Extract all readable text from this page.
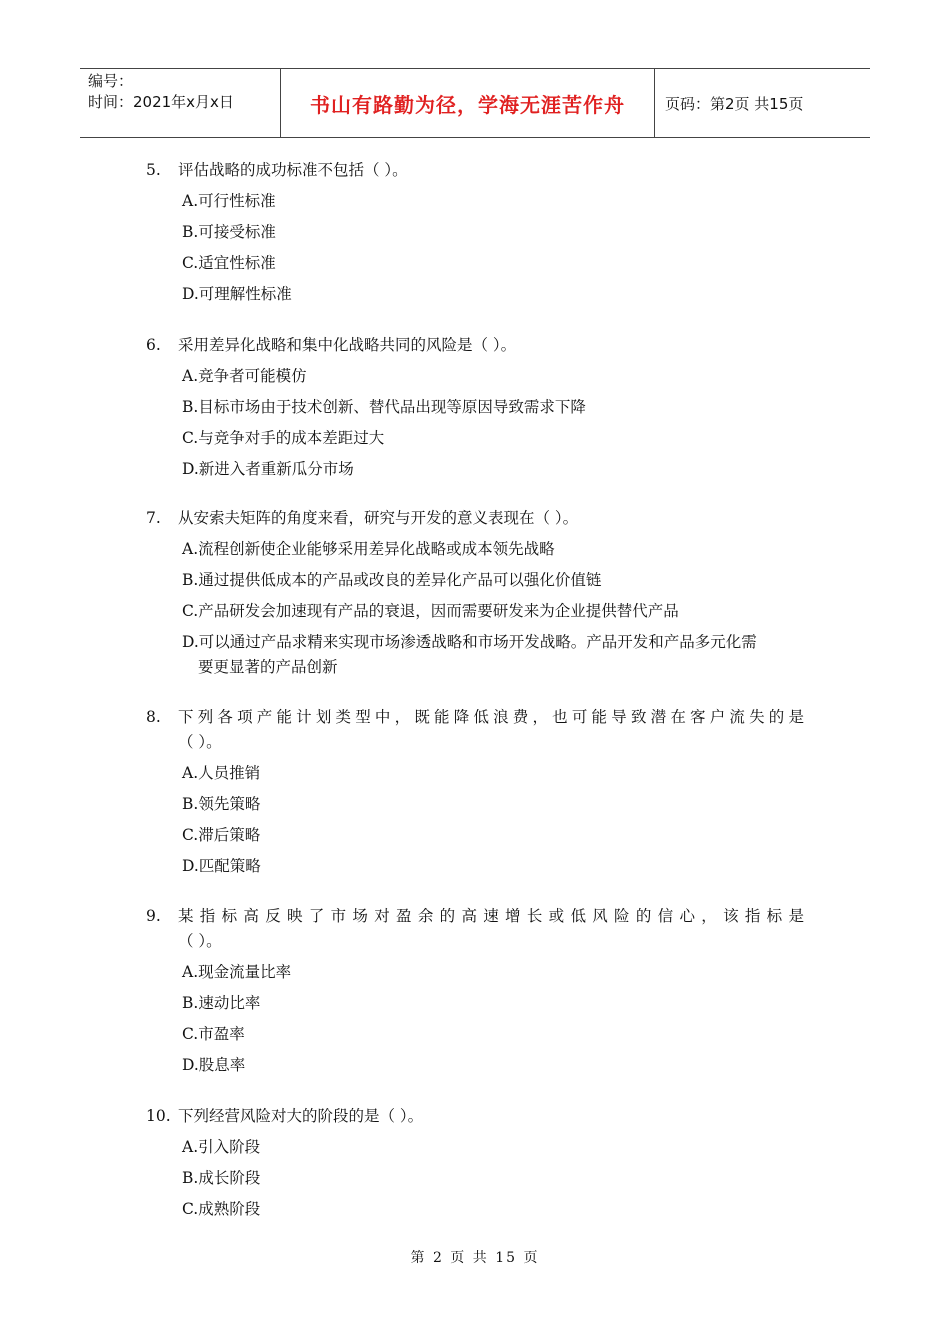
编号：
时间：2021年x月x日	书山有路勤为径，学海无涯苦作舟	页码：第2页 共15页
5.	评估战略的成功标准不包括（ ）。
A.可行性标准
B.可接受标准
C.适宜性标准
D.可理解性标准
6.	采用差异化战略和集中化战略共同的风险是（ ）。
A.竞争者可能模仿
B.目标市场由于技术创新、替代品出现等原因导致需求下降
C.与竞争对手的成本差距过大
D.新进入者重新瓜分市场
7.	从安索夫矩阵的角度来看，研究与开发的意义表现在（ ）。
A.流程创新使企业能够采用差异化战略或成本领先战略
B.通过提供低成本的产品或改良的差异化产品可以强化价值链
C.产品研发会加速现有产品的衰退，因而需要研发来为企业提供替代产品
D.可以通过产品求精来实现市场渗透战略和市场开发战略。产品开发和产品多元化需
要更显著的产品创新
8.	下列各项产能计划类型中，既能降低浪费，也可能导致潜在客户流失的是
（ ）。
A.人员推销
B.领先策略
C.滞后策略
D.匹配策略
9.	某指标高反映了市场对盈余的高速增长或低风险的信心，该指标是
（ ）。
A.现金流量比率
B.速动比率
C.市盈率
D.股息率
10. 下列经营风险对大的阶段的是（ ）。
A.引入阶段
B.成长阶段
C.成熟阶段
第 2 页 共 15 页
